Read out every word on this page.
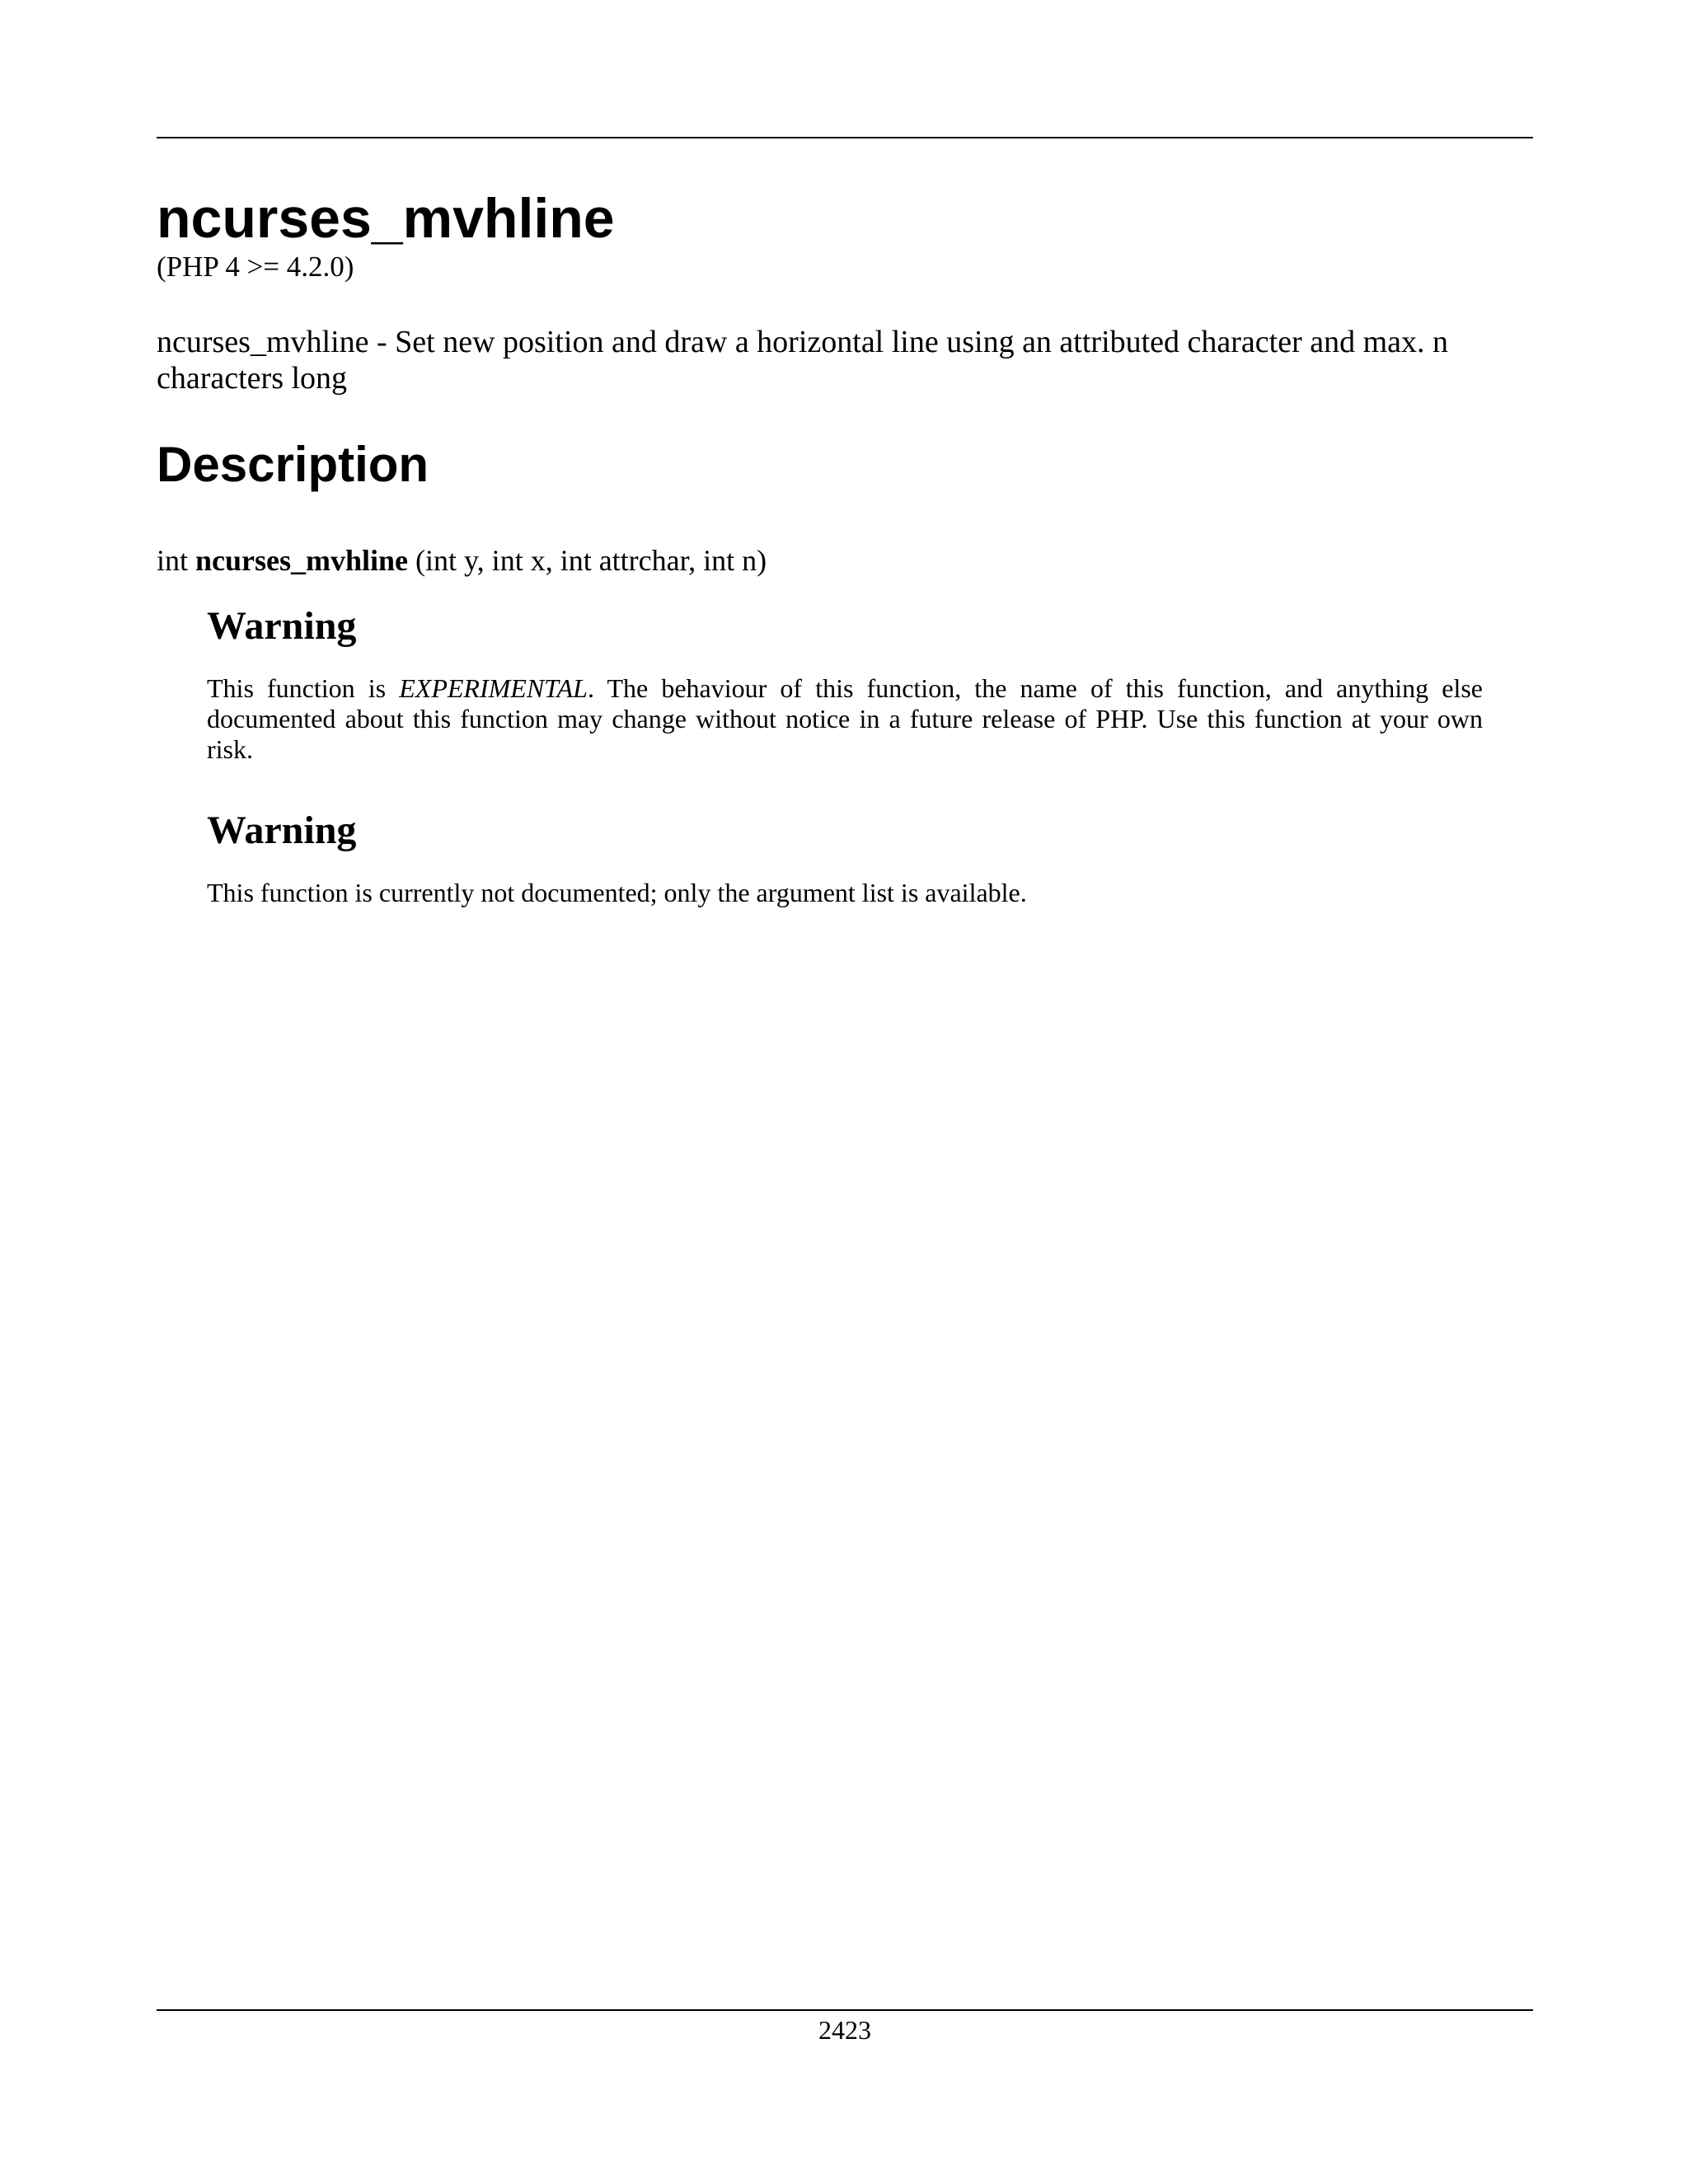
ncurses_mvhline

(PHP 4 >= 4.2.0)

ncurses_mvhline - Set new position and draw a horizontal line using an attributed character and max. n characters long

Description

int ncurses_mvhline (int y, int x, int attrchar, int n)

Warning

This function is EXPERIMENTAL. The behaviour of this function, the name of this function, and anything else documented about this function may change without notice in a future release of PHP. Use this function at your own risk.

Warning

This function is currently not documented; only the argument list is available.

2423
